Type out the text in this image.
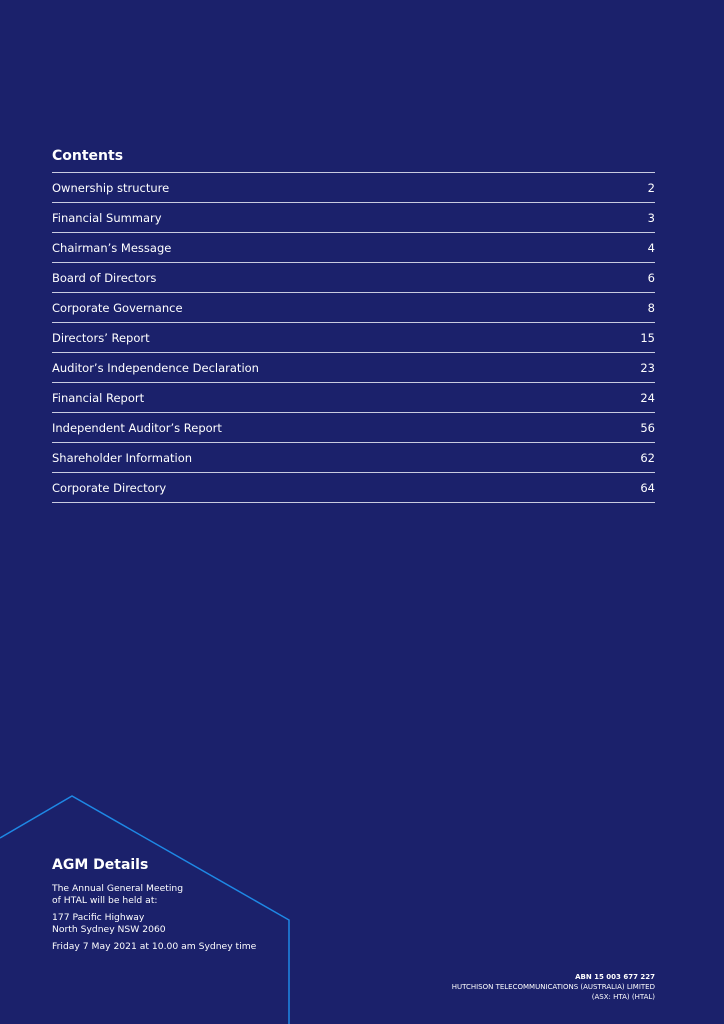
Contents
Ownership structure	2
Financial Summary	3
Chairman’s Message	4
Board of Directors	6
Corporate Governance	8
Directors’ Report	15
Auditor’s Independence Declaration	23
Financial Report	24
Independent Auditor’s Report	56
Shareholder Information	62
Corporate Directory	64
AGM Details

The Annual General Meeting
of HTAL will be held at:

177 Pacific Highway
North Sydney NSW 2060

Friday 7 May 2021 at 10.00 am Sydney time

ABN 15 003 677 227
HUTCHISON TELECOMMUNICATIONS (AUSTRALIA) LIMITED
(ASX: HTA) (HTAL)
